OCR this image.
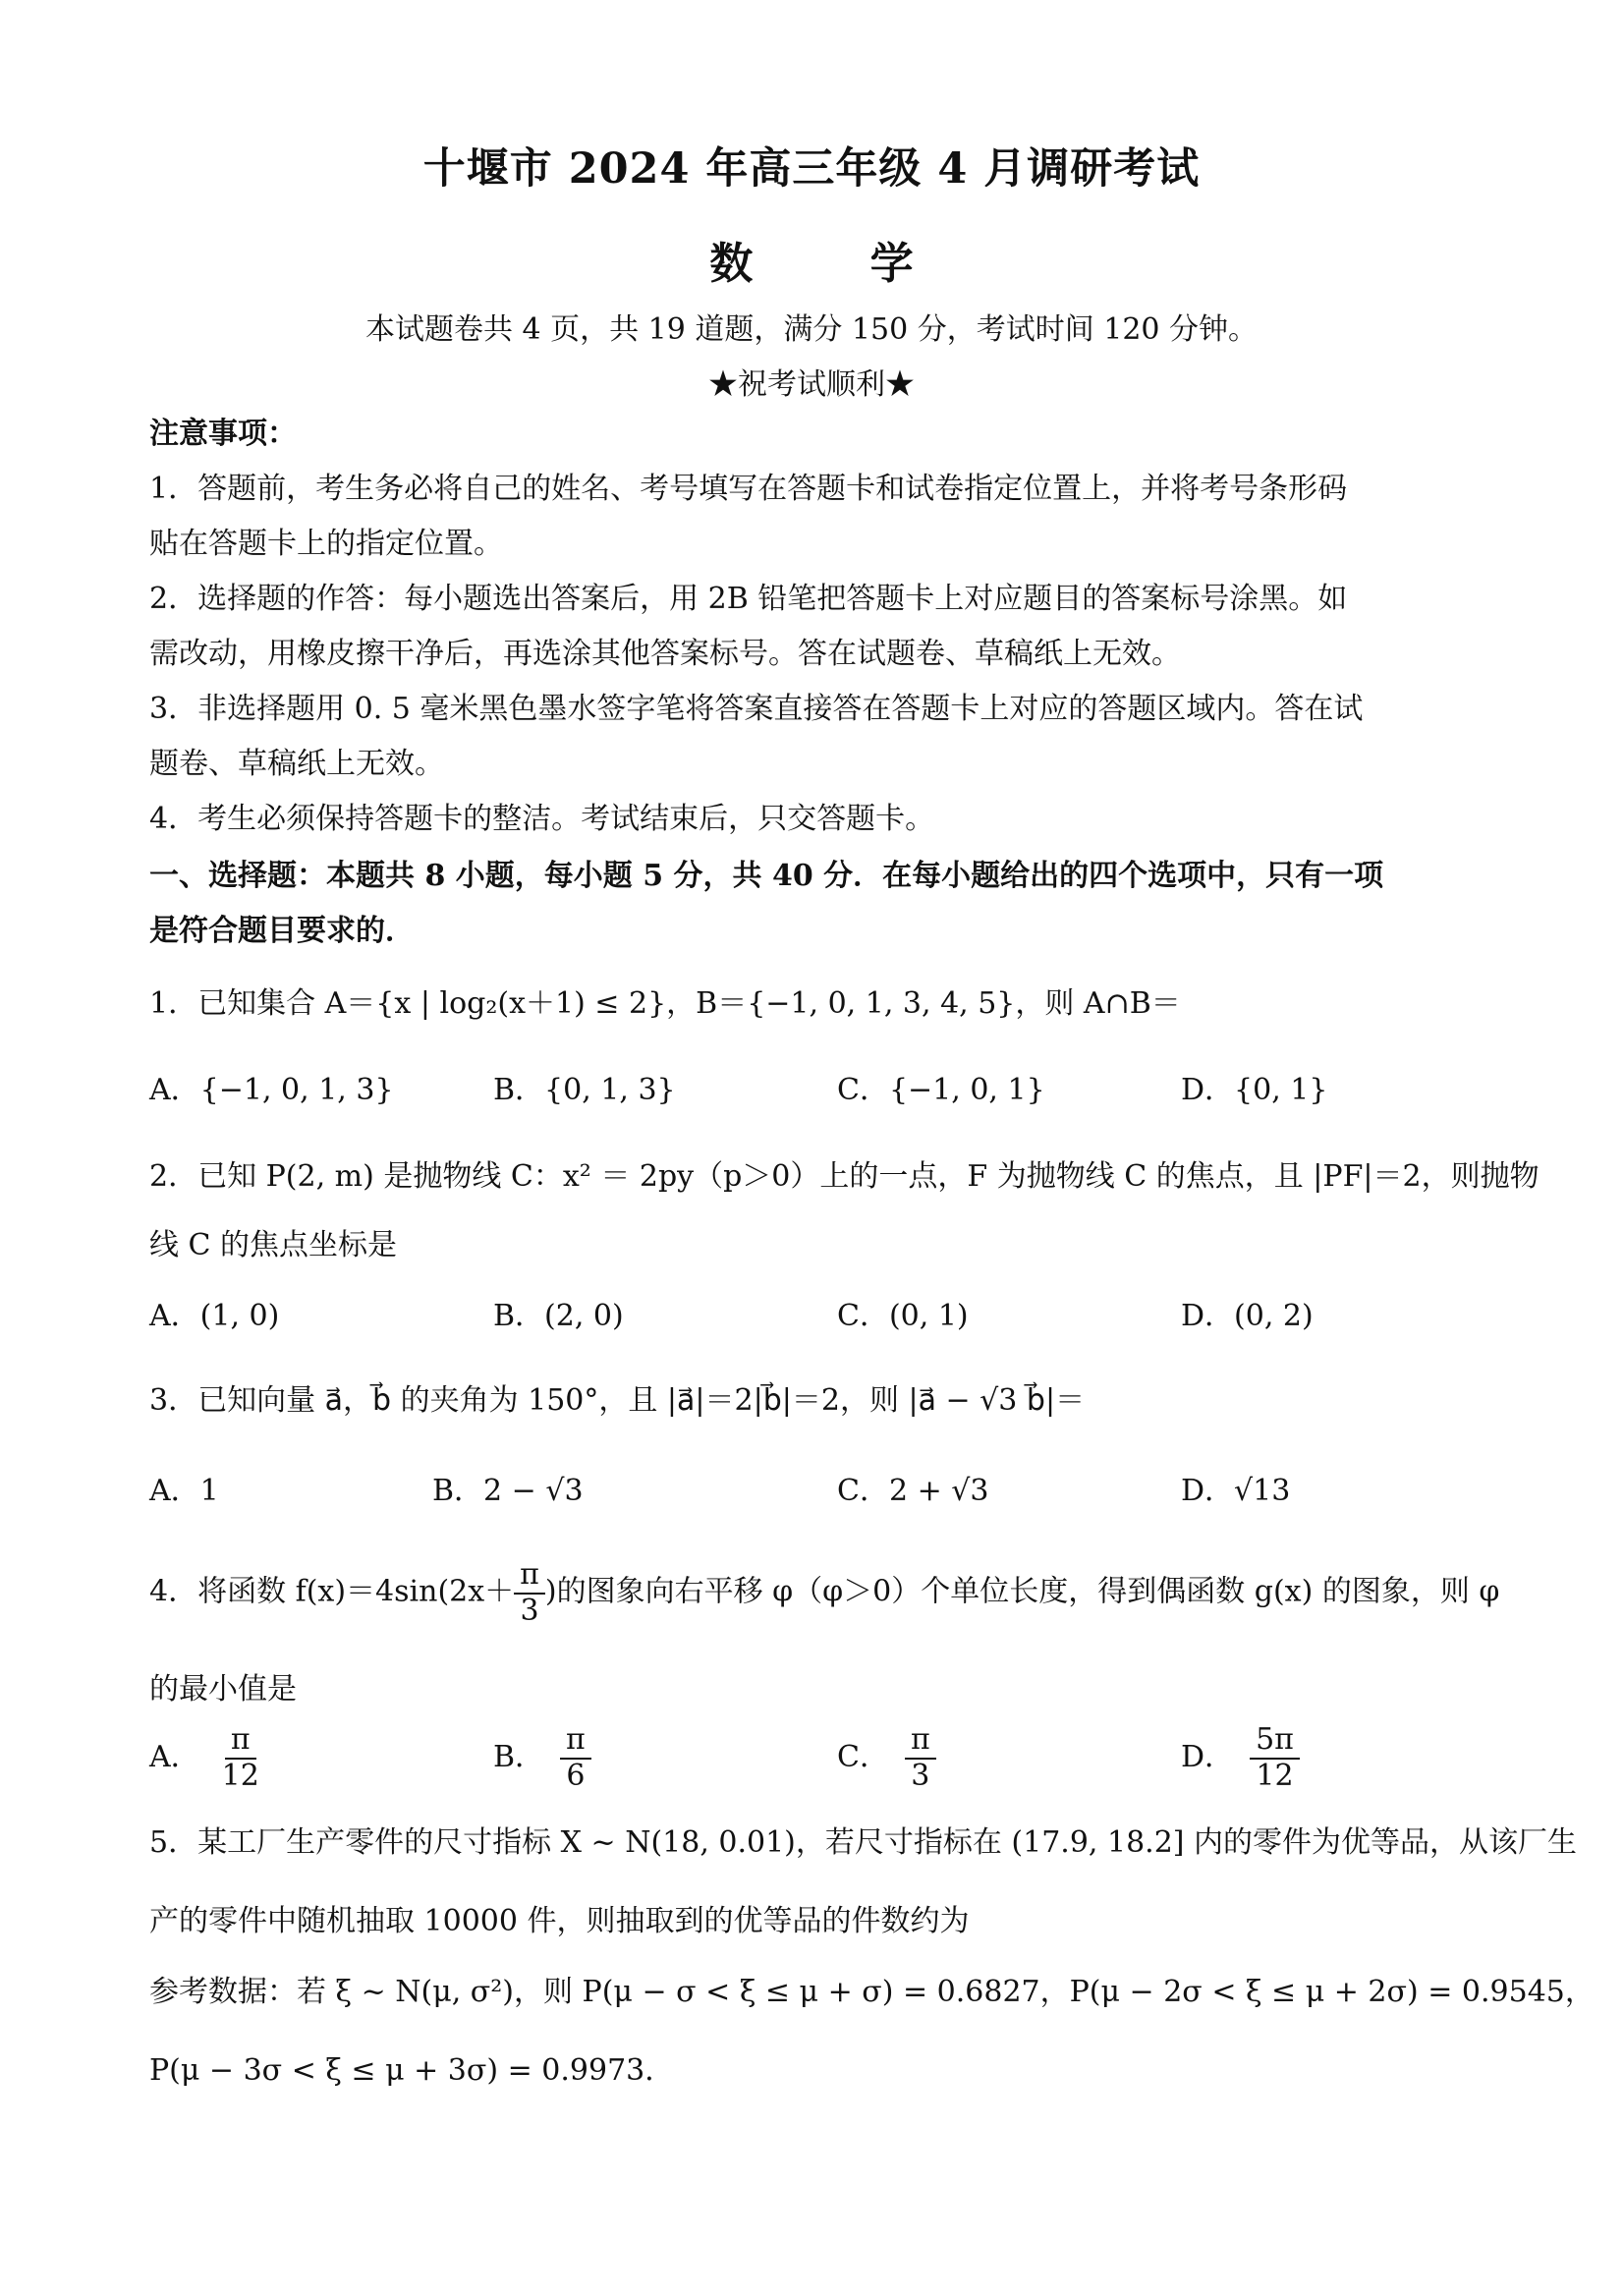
十堰市 2024 年高三年级 4 月调研考试
数 学
本试题卷共 4 页，共 19 道题，满分 150 分，考试时间 120 分钟。
★祝考试顺利★
注意事项：
1．答题前，考生务必将自己的姓名、考号填写在答题卡和试卷指定位置上，并将考号条形码
贴在答题卡上的指定位置。
2．选择题的作答：每小题选出答案后，用 2B 铅笔把答题卡上对应题目的答案标号涂黑。如
需改动，用橡皮擦干净后，再选涂其他答案标号。答在试题卷、草稿纸上无效。
3．非选择题用 0. 5 毫米黑色墨水签字笔将答案直接答在答题卡上对应的答题区域内。答在试
题卷、草稿纸上无效。
4．考生必须保持答题卡的整洁。考试结束后，只交答题卡。
一、选择题：本题共 8 小题，每小题 5 分，共 40 分．在每小题给出的四个选项中，只有一项
是符合题目要求的．
1．已知集合 A＝{x | log₂(x＋1) ≤ 2}，B＝{−1, 0, 1, 3, 4, 5}，则 A∩B＝
A．{−1, 0, 1, 3}	B．{0, 1, 3}	C．{−1, 0, 1}	D．{0, 1}
2．已知 P(2, m) 是抛物线 C：x² ＝ 2py（p＞0）上的一点，F 为抛物线 C 的焦点，且 |PF|＝2，则抛物
线 C 的焦点坐标是
A．(1, 0)	B．(2, 0)	C．(0, 1)	D．(0, 2)
3．已知向量 a⃗，b⃗ 的夹角为 150°，且 |a⃗|＝2|b⃗|＝2，则 |a⃗ − √3 b⃗|＝
A．1	B．2 − √3	C．2 + √3	D．√13
4．将函数 $f(x)=4\sin(2x+ \frac{\pi}{3}$ )的图象向右平移 φ（φ＞0）个单位长度，得到偶函数 g(x) 的图象，则 φ
的最小值是
A． $\frac{\pi}{12}$	B． $\frac{\pi}{6}$	C． $\frac{\pi}{3}$	D． $\frac{5\pi}{12}$
5．某工厂生产零件的尺寸指标 X ~ N(18, 0.01)，若尺寸指标在 (17.9, 18.2] 内的零件为优等品，从该厂生
产的零件中随机抽取 10000 件，则抽取到的优等品的件数约为
参考数据：若 ξ ~ N(μ, σ²)，则 P(μ − σ < ξ ≤ μ + σ) = 0.6827，P(μ − 2σ < ξ ≤ μ + 2σ) = 0.9545，
P(μ − 3σ < ξ ≤ μ + 3σ) = 0.9973．
